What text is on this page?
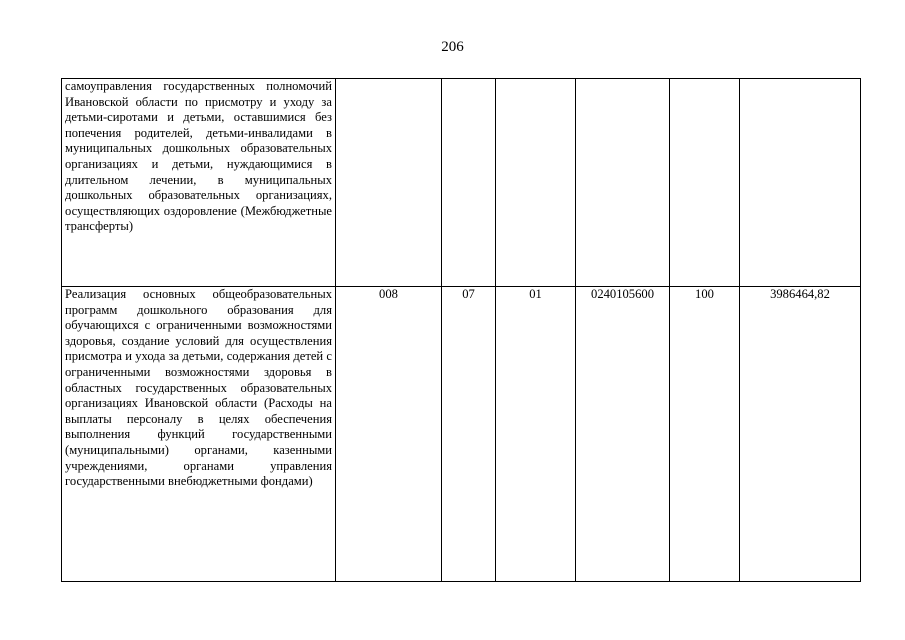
206
самоуправления государственных полномочий Ивановской области по присмотру и уходу за детьми-сиротами и детьми, оставшимися без попечения родителей, детьми-инвалидами в муниципальных дошкольных образовательных организациях и детьми, нуждающимися в длительном лечении, в муниципальных дошкольных образовательных организациях, осуществляющих оздоровление (Межбюджетные трансферты)						
Реализация основных общеобразовательных программ дошкольного образования для обучающихся с ограниченными возможностями здоровья, создание условий для осуществления присмотра и ухода за детьми, содержания детей с ограниченными возможностями здоровья в областных государственных образовательных организациях Ивановской области (Расходы на выплаты персоналу в целях обеспечения выполнения функций государственными (муниципальными) органами, казенными учреждениями, органами управления государственными внебюджетными фондами)	008	07	01	0240105600	100	3986464,82
